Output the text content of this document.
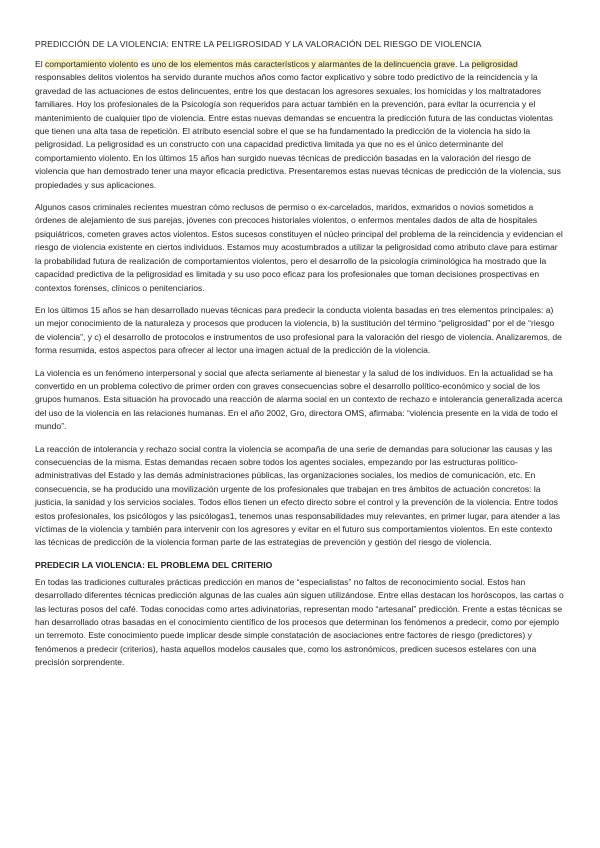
PREDICCIÓN DE LA VIOLENCIA: ENTRE LA PELIGROSIDAD Y LA VALORACIÓN DEL RIESGO DE VIOLENCIA

El comportamiento violento es uno de los elementos más característicos y alarmantes de la delincuencia grave. La peligrosidad responsables delitos violentos ha servido durante muchos años como factor explicativo y sobre todo predictivo de la reincidencia y la gravedad de las actuaciones de estos delincuentes, entre los que destacan los agresores sexuales, los homicidas y los maltratadores familiares. Hoy los profesionales de la Psicología son requeridos para actuar también en la prevención, para evitar la ocurrencia y el mantenimiento de cualquier tipo de violencia. Entre estas nuevas demandas se encuentra la predicción futura de las conductas violentas que tienen una alta tasa de repetición. El atributo esencial sobre el que se ha fundamentado la predicción de la violencia ha sido la peligrosidad. La peligrosidad es un constructo con una capacidad predictiva limitada ya que no es el único determinante del comportamiento violento. En los últimos 15 años han surgido nuevas técnicas de predicción basadas en la valoración del riesgo de violencia que han demostrado tener una mayor eficacia predictiva. Presentaremos estas nuevas técnicas de predicción de la violencia, sus propiedades y sus aplicaciones.

Algunos casos criminales recientes muestran cómo reclusos de permiso o ex-carcelados, maridos, exmaridos o novios sometidos a órdenes de alejamiento de sus parejas, jóvenes con precoces historiales violentos, o enfermos mentales dados de alta de hospitales psiquiátricos, cometen graves actos violentos. Estos sucesos constituyen el núcleo principal del problema de la reincidencia y evidencian el riesgo de violencia existente en ciertos individuos. Estamos muy acostumbrados a utilizar la peligrosidad como atributo clave para estimar la probabilidad futura de realización de comportamientos violentos, pero el desarrollo de la psicología criminológica ha mostrado que la capacidad predictiva de la peligrosidad es limitada y su uso poco eficaz para los profesionales que toman decisiones prospectivas en contextos forenses, clínicos o penitenciarios.

En los últimos 15 años se han desarrollado nuevas técnicas para predecir la conducta violenta basadas en tres elementos principales: a) un mejor conocimiento de la naturaleza y procesos que producen la violencia, b) la sustitución del término “peligrosidad” por el de “riesgo de violencia”, y c) el desarrollo de protocolos e instrumentos de uso profesional para la valoración del riesgo de violencia. Analizaremos, de forma resumida, estos aspectos para ofrecer al lector una imagen actual de la predicción de la violencia.

La violencia es un fenómeno interpersonal y social que afecta seriamente al bienestar y la salud de los individuos. En la actualidad se ha convertido en un problema colectivo de primer orden con graves consecuencias sobre el desarrollo político-económico y social de los grupos humanos. Esta situación ha provocado una reacción de alarma social en un contexto de rechazo e intolerancia generalizada acerca del uso de la violencia en las relaciones humanas. En el año 2002, Gro, directora OMS, afirmaba: “violencia presente en la vida de todo el mundo”.

La reacción de intolerancia y rechazo social contra la violencia se acompaña de una serie de demandas para solucionar las causas y las consecuencias de la misma. Estas demandas recaen sobre todos los agentes sociales, empezando por las estructuras político-administrativas del Estado y las demás administraciones públicas, las organizaciones sociales, los medios de comunicación, etc. En consecuencia, se ha producido una movilización urgente de los profesionales que trabajan en tres ámbitos de actuación concretos: la justicia, la sanidad y los servicios sociales. Todos ellos tienen un efecto directo sobre el control y la prevención de la violencia. Entre todos estos profesionales, los psicólogos y las psicólogas1, tenemos unas responsabilidades muy relevantes, en primer lugar, para atender a las víctimas de la violencia y también para intervenir con los agresores y evitar en el futuro sus comportamientos violentos. En este contexto las técnicas de predicción de la violencia forman parte de las estrategias de prevención y gestión del riesgo de violencia.

PREDECIR LA VIOLENCIA: EL PROBLEMA DEL CRITERIO

En todas las tradiciones culturales prácticas predicción en manos de “especialistas” no faltos de reconocimiento social. Estos han desarrollado diferentes técnicas predicción algunas de las cuales aún siguen utilizándose. Entre ellas destacan los horóscopos, las cartas o las lecturas posos del café. Todas conocidas como artes adivinatorias, representan modo “artesanal” predicción. Frente a estas técnicas se han desarrollado otras basadas en el conocimiento científico de los procesos que determinan los fenómenos a predecir, como por ejemplo un terremoto. Este conocimiento puede implicar desde simple constatación de asociaciones entre factores de riesgo (predictores) y fenómenos a predecir (criterios), hasta aquellos modelos causales que, como los astronómicos, predicen sucesos estelares con una precisión sorprendente.
